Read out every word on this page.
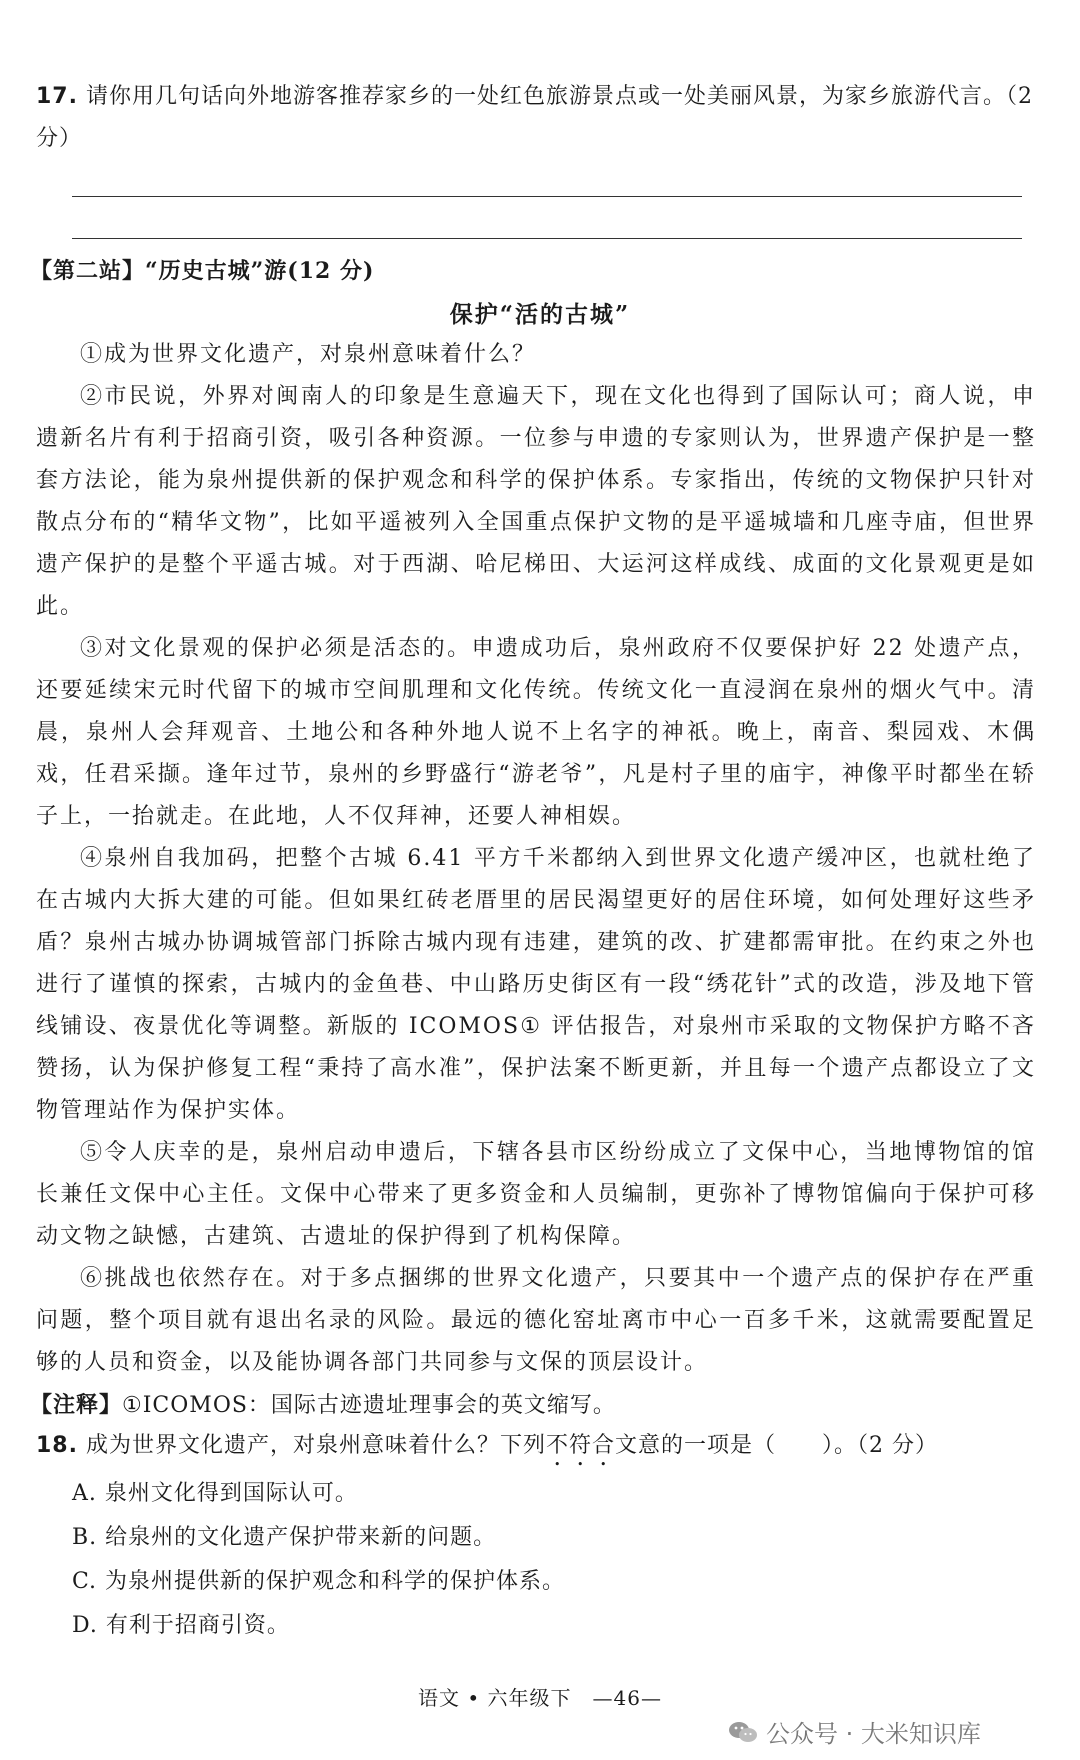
17. 请你用几句话向外地游客推荐家乡的一处红色旅游景点或一处美丽风景，为家乡旅游代言。（2 分）
【第二站】“历史古城”游(12 分)
保护“活的古城”
①成为世界文化遗产，对泉州意味着什么？
②市民说，外界对闽南人的印象是生意遍天下，现在文化也得到了国际认可；商人说，申遗新名片有利于招商引资，吸引各种资源。一位参与申遗的专家则认为，世界遗产保护是一整套方法论，能为泉州提供新的保护观念和科学的保护体系。专家指出，传统的文物保护只针对散点分布的“精华文物”，比如平遥被列入全国重点保护文物的是平遥城墙和几座寺庙，但世界遗产保护的是整个平遥古城。对于西湖、哈尼梯田、大运河这样成线、成面的文化景观更是如此。
③对文化景观的保护必须是活态的。申遗成功后，泉州政府不仅要保护好 22 处遗产点，还要延续宋元时代留下的城市空间肌理和文化传统。传统文化一直浸润在泉州的烟火气中。清晨，泉州人会拜观音、土地公和各种外地人说不上名字的神祇。晚上，南音、梨园戏、木偶戏，任君采撷。逢年过节，泉州的乡野盛行“游老爷”，凡是村子里的庙宇，神像平时都坐在轿子上，一抬就走。在此地，人不仅拜神，还要人神相娱。
④泉州自我加码，把整个古城 6.41 平方千米都纳入到世界文化遗产缓冲区，也就杜绝了在古城内大拆大建的可能。但如果红砖老厝里的居民渴望更好的居住环境，如何处理好这些矛盾？泉州古城办协调城管部门拆除古城内现有违建，建筑的改、扩建都需审批。在约束之外也进行了谨慎的探索，古城内的金鱼巷、中山路历史街区有一段“绣花针”式的改造，涉及地下管线铺设、夜景优化等调整。新版的 ICOMOS① 评估报告，对泉州市采取的文物保护方略不吝赞扬，认为保护修复工程“秉持了高水准”，保护法案不断更新，并且每一个遗产点都设立了文物管理站作为保护实体。
⑤令人庆幸的是，泉州启动申遗后，下辖各县市区纷纷成立了文保中心，当地博物馆的馆长兼任文保中心主任。文保中心带来了更多资金和人员编制，更弥补了博物馆偏向于保护可移动文物之缺憾，古建筑、古遗址的保护得到了机构保障。
⑥挑战也依然存在。对于多点捆绑的世界文化遗产，只要其中一个遗产点的保护存在严重问题，整个项目就有退出名录的风险。最远的德化窑址离市中心一百多千米，这就需要配置足够的人员和资金，以及能协调各部门共同参与文保的顶层设计。
【注释】①ICOMOS：国际古迹遗址理事会的英文缩写。
18. 成为世界文化遗产，对泉州意味着什么？下列不符合文意的一项是（　　）。（2 分）
A. 泉州文化得到国际认可。
B. 给泉州的文化遗产保护带来新的问题。
C. 为泉州提供新的保护观念和科学的保护体系。
D. 有利于招商引资。
语文 • 六年级下　—46—
公众号 · 大米知识库
